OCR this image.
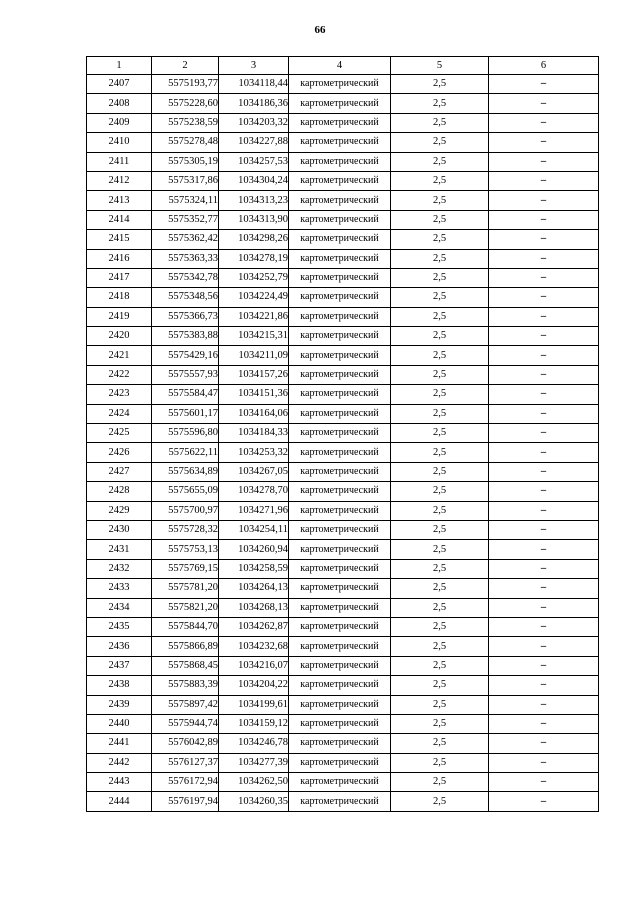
66
1	2	3	4	5	6
2407	5575193,77	1034118,44	картометрический	2,5	–
2408	5575228,60	1034186,36	картометрический	2,5	–
2409	5575238,59	1034203,32	картометрический	2,5	–
2410	5575278,48	1034227,88	картометрический	2,5	–
2411	5575305,19	1034257,53	картометрический	2,5	–
2412	5575317,86	1034304,24	картометрический	2,5	–
2413	5575324,11	1034313,23	картометрический	2,5	–
2414	5575352,77	1034313,90	картометрический	2,5	–
2415	5575362,42	1034298,26	картометрический	2,5	–
2416	5575363,33	1034278,19	картометрический	2,5	–
2417	5575342,78	1034252,79	картометрический	2,5	–
2418	5575348,56	1034224,49	картометрический	2,5	–
2419	5575366,73	1034221,86	картометрический	2,5	–
2420	5575383,88	1034215,31	картометрический	2,5	–
2421	5575429,16	1034211,09	картометрический	2,5	–
2422	5575557,93	1034157,26	картометрический	2,5	–
2423	5575584,47	1034151,36	картометрический	2,5	–
2424	5575601,17	1034164,06	картометрический	2,5	–
2425	5575596,80	1034184,33	картометрический	2,5	–
2426	5575622,11	1034253,32	картометрический	2,5	–
2427	5575634,89	1034267,05	картометрический	2,5	–
2428	5575655,09	1034278,70	картометрический	2,5	–
2429	5575700,97	1034271,96	картометрический	2,5	–
2430	5575728,32	1034254,11	картометрический	2,5	–
2431	5575753,13	1034260,94	картометрический	2,5	–
2432	5575769,15	1034258,59	картометрический	2,5	–
2433	5575781,20	1034264,13	картометрический	2,5	–
2434	5575821,20	1034268,13	картометрический	2,5	–
2435	5575844,70	1034262,87	картометрический	2,5	–
2436	5575866,89	1034232,68	картометрический	2,5	–
2437	5575868,45	1034216,07	картометрический	2,5	–
2438	5575883,39	1034204,22	картометрический	2,5	–
2439	5575897,42	1034199,61	картометрический	2,5	–
2440	5575944,74	1034159,12	картометрический	2,5	–
2441	5576042,89	1034246,78	картометрический	2,5	–
2442	5576127,37	1034277,39	картометрический	2,5	–
2443	5576172,94	1034262,50	картометрический	2,5	–
2444	5576197,94	1034260,35	картометрический	2,5	–
